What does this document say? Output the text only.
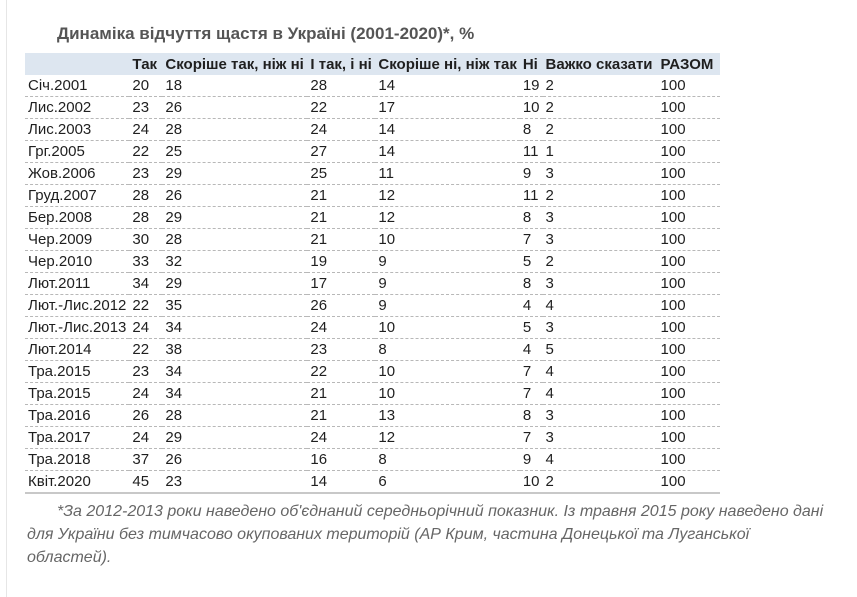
Динаміка відчуття щастя в Україні (2001-2020)*, %
	Так	Скоріше так, ніж ні	І так, і ні	Скоріше ні, ніж так	Ні	Важко сказати	РАЗОМ
Січ.2001	20	18	28	14	19	2	100
Лис.2002	23	26	22	17	10	2	100
Лис.2003	24	28	24	14	8	2	100
Грг.2005	22	25	27	14	11	1	100
Жов.2006	23	29	25	11	9	3	100
Груд.2007	28	26	21	12	11	2	100
Бер.2008	28	29	21	12	8	3	100
Чер.2009	30	28	21	10	7	3	100
Чер.2010	33	32	19	9	5	2	100
Лют.2011	34	29	17	9	8	3	100
Лют.-Лис.2012	22	35	26	9	4	4	100
Лют.-Лис.2013	24	34	24	10	5	3	100
Лют.2014	22	38	23	8	4	5	100
Тра.2015	23	34	22	10	7	4	100
Тра.2015	24	34	21	10	7	4	100
Тра.2016	26	28	21	13	8	3	100
Тра.2017	24	29	24	12	7	3	100
Тра.2018	37	26	16	8	9	4	100
Квіт.2020	45	23	14	6	10	2	100
*За 2012-2013 роки наведено об'єднаний середньорічний показник. Із травня 2015 року наведено дані для України без тимчасово окупованих територій (АР Крим, частина Донецької та Луганської областей).
